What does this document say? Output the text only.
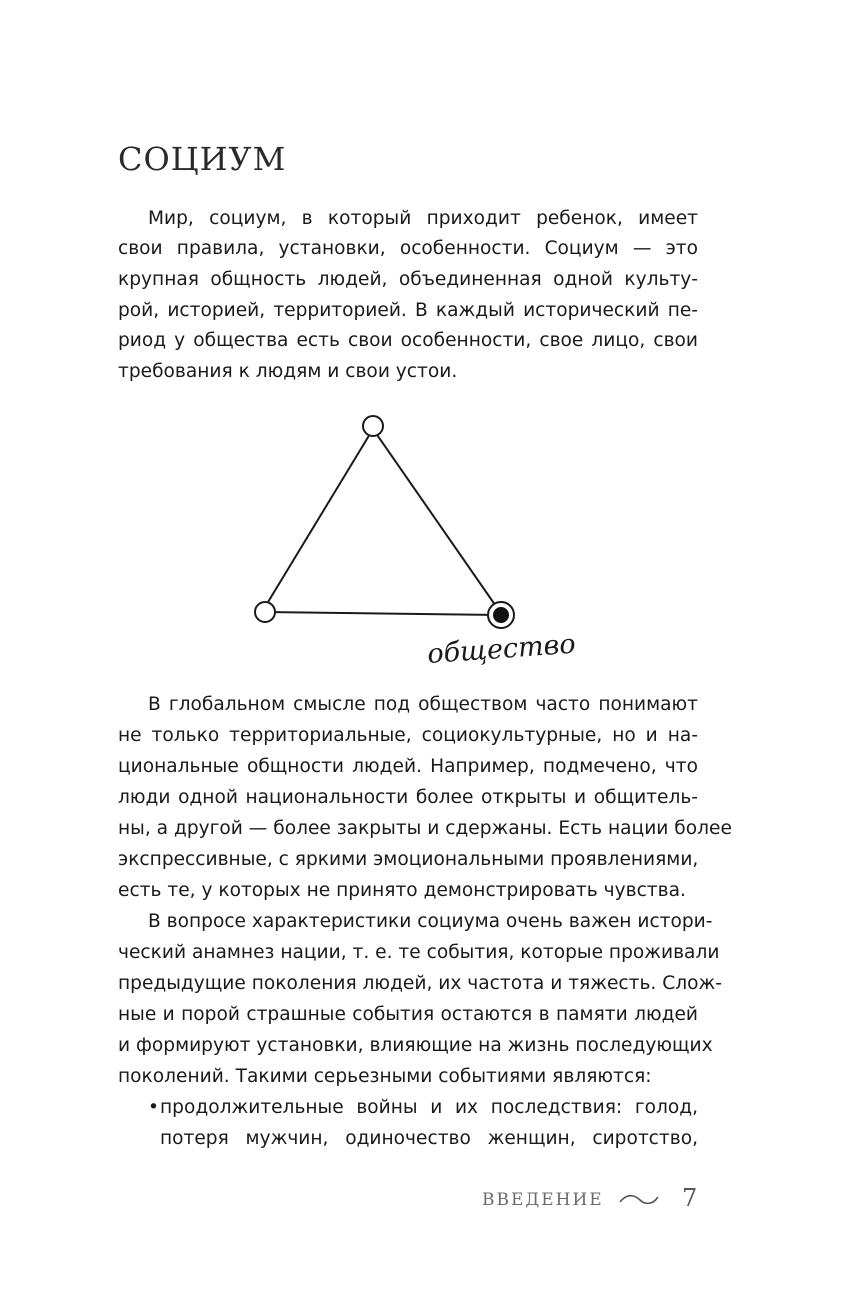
СОЦИУМ
Мир, социум, в который приходит ребенок, имеет
свои правила, установки, особенности. Социум — это
крупная общность людей, объединенная одной культу-
рой, историей, территорией. В каждый исторический пе-
риод у общества есть свои особенности, свое лицо, свои
требования к людям и свои устои.
общество
В глобальном смысле под обществом часто понимают
не только территориальные, социокультурные, но и на-
циональные общности людей. Например, подмечено, что
люди одной национальности более открыты и общитель-
ны, а другой — более закрыты и сдержаны. Есть нации более
экспрессивные, с яркими эмоциональными проявлениями,
есть те, у которых не принято демонстрировать чувства.
В вопросе характеристики социума очень важен истори-
ческий анамнез нации, т. е. те события, которые проживали
предыдущие поколения людей, их частота и тяжесть. Слож-
ные и порой страшные события остаются в памяти людей
и формируют установки, влияющие на жизнь последующих
поколений. Такими серьезными событиями являются:
• продолжительные войны и их последствия: голод,
потеря мужчин, одиночество женщин, сиротство,
ВВЕДЕНИЕ	7
